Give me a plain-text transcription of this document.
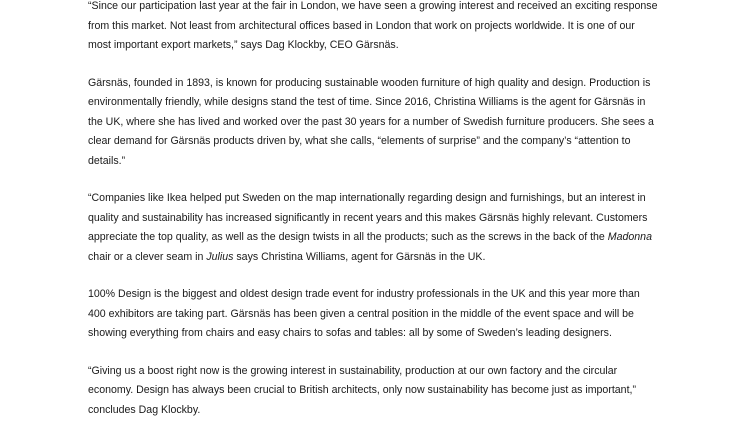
“Since our participation last year at the fair in London, we have seen a growing interest and received an exciting response
from this market. Not least from architectural offices based in London that work on projects worldwide. It is one of our
most important export markets,” says Dag Klockby, CEO Gärsnäs.

Gärsnäs, founded in 1893, is known for producing sustainable wooden furniture of high quality and design. Production is
environmentally friendly, while designs stand the test of time. Since 2016, Christina Williams is the agent for Gärsnäs in
the UK, where she has lived and worked over the past 30 years for a number of Swedish furniture producers. She sees a
clear demand for Gärsnäs products driven by, what she calls, “elements of surprise” and the company’s “attention to
details.”

“Companies like Ikea helped put Sweden on the map internationally regarding design and furnishings, but an interest in
quality and sustainability has increased significantly in recent years and this makes Gärsnäs highly relevant. Customers
appreciate the top quality, as well as the design twists in all the products; such as the screws in the back of the Madonna
chair or a clever seam in Julius says Christina Williams, agent for Gärsnäs in the UK.

100% Design is the biggest and oldest design trade event for industry professionals in the UK and this year more than
400 exhibitors are taking part. Gärsnäs has been given a central position in the middle of the event space and will be
showing everything from chairs and easy chairs to sofas and tables: all by some of Sweden’s leading designers.

“Giving us a boost right now is the growing interest in sustainability, production at our own factory and the circular
economy. Design has always been crucial to British architects, only now sustainability has become just as important,”
concludes Dag Klockby.
